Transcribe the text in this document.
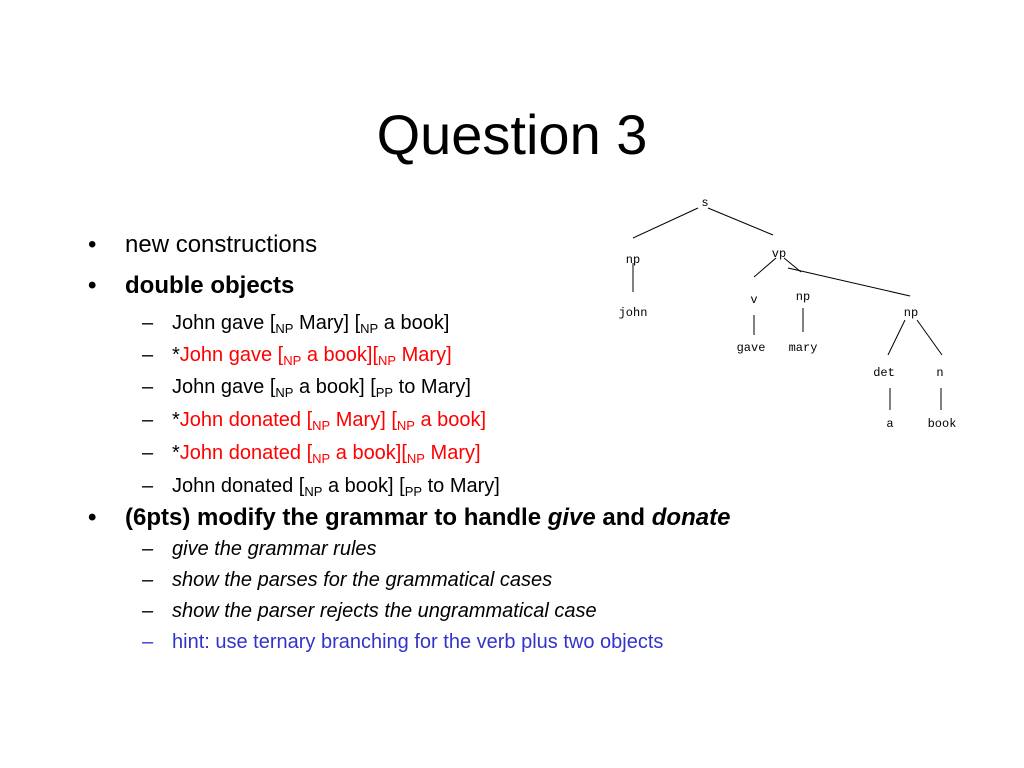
Question 3
• new constructions
• double objects
– John gave [$_{NP}$ Mary] [$_{NP}$ a book]
– *John gave [$_{NP}$ a $book][_{NP}$ Mary]
– John gave [$_{NP}$ a book] [$_{PP}$ to Mary]
– *John donated [$_{NP}$ Mary] [$_{NP}$ a book]
– *John donated [$_{NP}$ a $book][_{NP}$ Mary]
– John donated [$_{NP}$ a book] [$_{PP}$ to Mary]
• (6pts) modify the grammar to handle give and donate
– give the grammar rules
– show the parses for the grammatical cases
– show the parser rejects the ungrammatical case
– hint: use ternary branching for the verb plus two objects
s
np	vp
john
v	np
np
gave mary
det	n
a	book
